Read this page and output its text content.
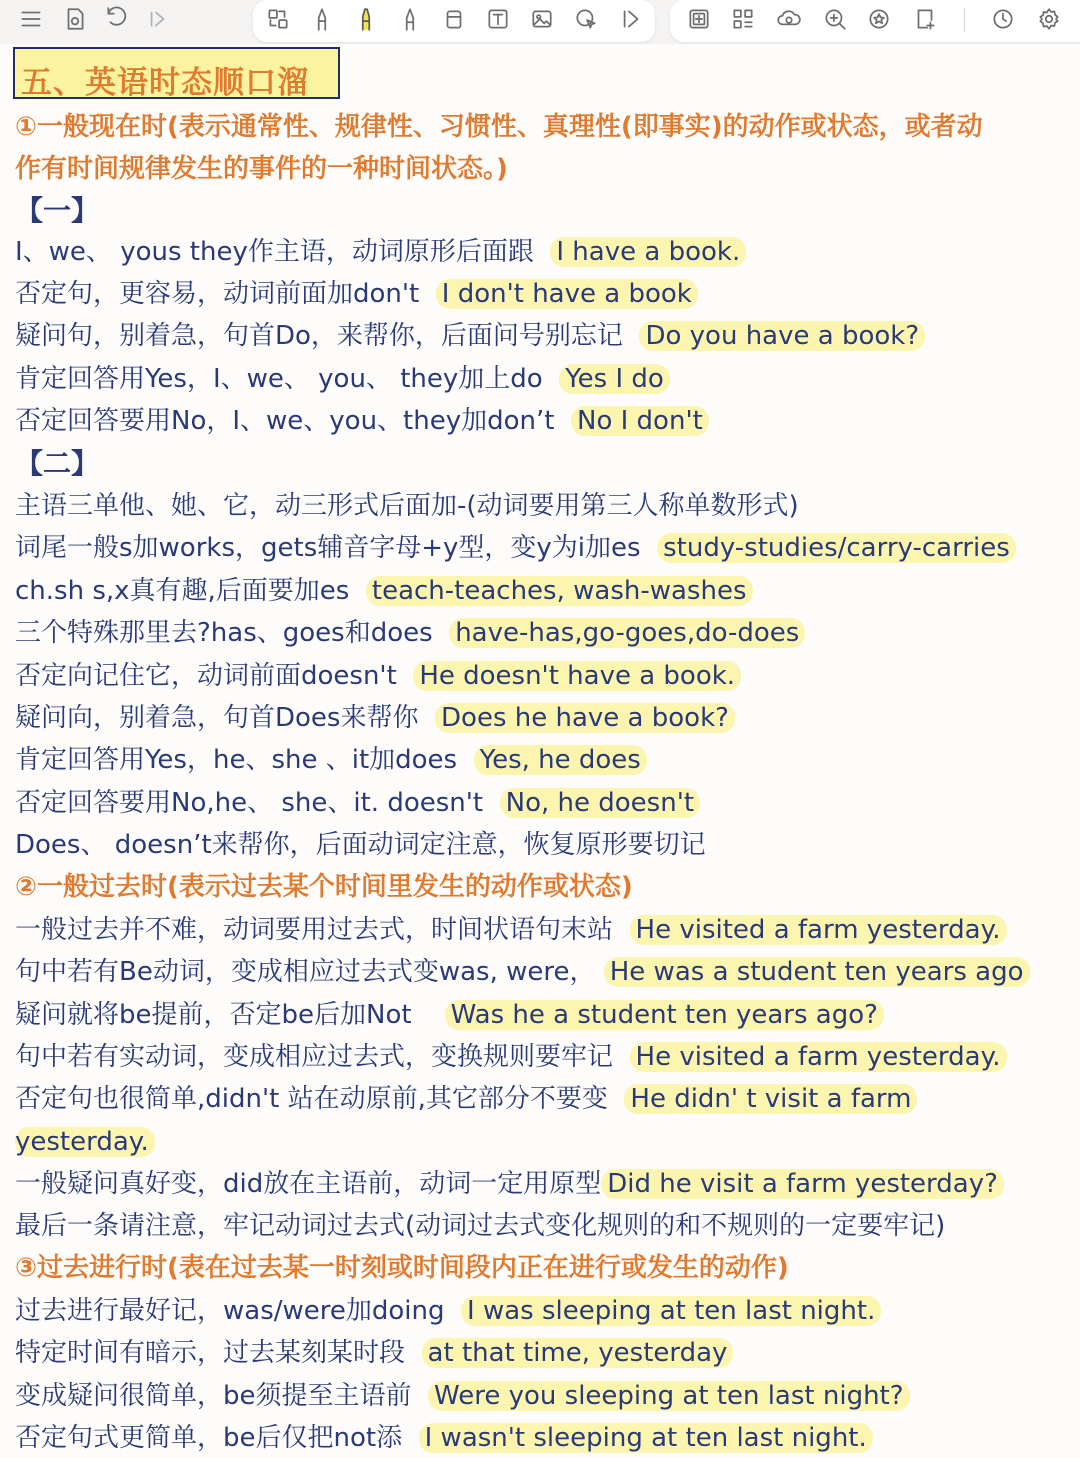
五、英语时态顺口溜
①一般现在时(表示通常性、规律性、习惯性、真理性(即事实)的动作或状态，或者动
作有时间规律发生的事件的一种时间状态。)
【一】
I、we、 yous they作主语，动词原形后面跟 I have a book.
否定句，更容易，动词前面加don't I don't have a book
疑问句，别着急，句首Do，来帮你，后面问号别忘记 Do you have a book?
肯定回答用Yes，I、we、 you、 they加上do Yes I do
否定回答要用No，I、we、you、they加don’t No I don't
【二】
主语三单他、她、它，动三形式后面加-(动词要用第三人称单数形式)
词尾一般s加works，gets辅音字母+y型，变y为i加es study-studies/carry-carries
ch.sh s,x真有趣,后面要加es teach-teaches, wash-washes
三个特殊那里去?has、goes和does have-has,go-goes,do-does
否定向记住它，动词前面doesn't He doesn't have a book.
疑问向，别着急，句首Does来帮你 Does he have a book?
肯定回答用Yes，he、she 、it加does Yes, he does
否定回答要用No,he、 she、it. doesn't No, he doesn't
Does、 doesn’t来帮你，后面动词定注意，恢复原形要切记
②一般过去时(表示过去某个时间里发生的动作或状态)
一般过去并不难，动词要用过去式，时间状语句末站 He visited a farm yesterday.
句中若有Be动词，变成相应过去式变was, were， He was a student ten years ago
疑问就将be提前，否定be后加Not Was he a student ten years ago?
句中若有实动词，变成相应过去式，变换规则要牢记 He visited a farm yesterday.
否定句也很简单,didn't 站在动原前,其它部分不要变 He didn' t visit a farm
yesterday.
一般疑问真好变，did放在主语前，动词一定用原型 Did he visit a farm yesterday?
最后一条请注意，牢记动词过去式(动词过去式变化规则的和不规则的一定要牢记)
③过去进行时(表在过去某一时刻或时间段内正在进行或发生的动作)
过去进行最好记，was/were加doing I was sleeping at ten last night.
特定时间有暗示，过去某刻某时段 at that time, yesterday
变成疑问很简单，be须提至主语前 Were you sleeping at ten last night?
否定句式更简单，be后仅把not添 I wasn't sleeping at ten last night.
